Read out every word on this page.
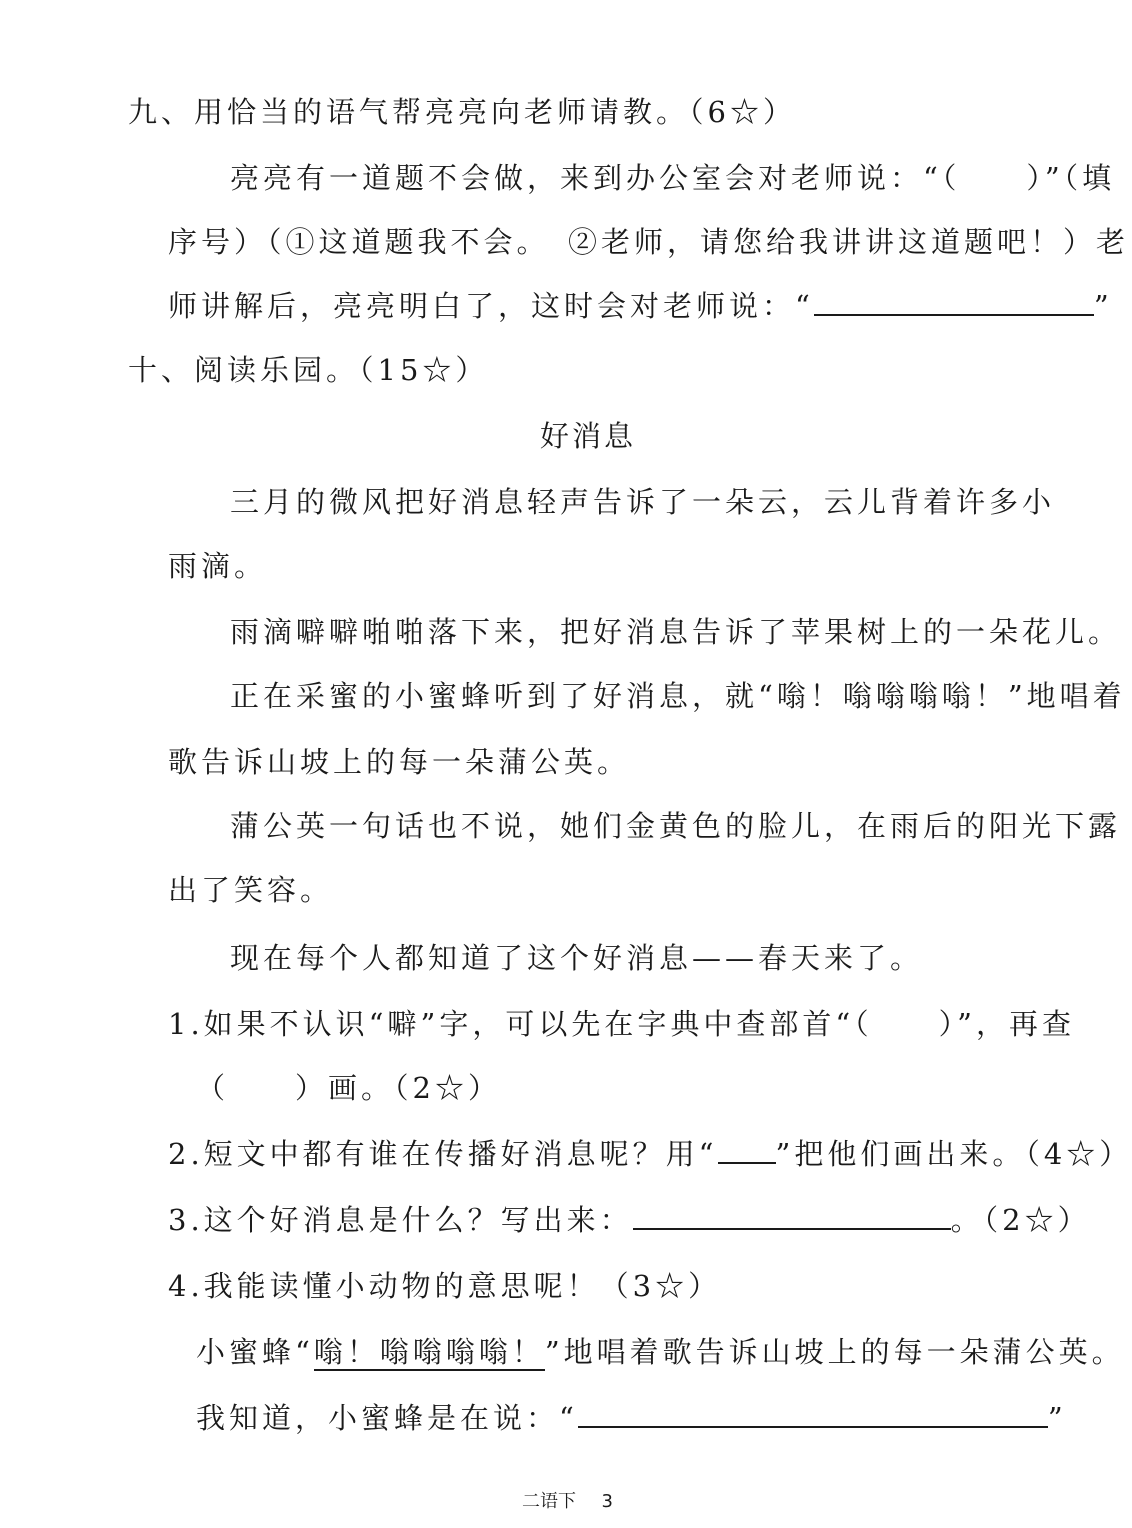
九、用恰当的语气帮亮亮向老师请教。（6☆）
亮亮有一道题不会做，来到办公室会对老师说：“（　　）”（填
序号）（①这道题我不会。　②老师，请您给我讲讲这道题吧！）老
师讲解后，亮亮明白了，这时会对老师说：“	”
十、阅读乐园。（15☆）
好消息
三月的微风把好消息轻声告诉了一朵云，云儿背着许多小
雨滴。
雨滴噼噼啪啪落下来，把好消息告诉了苹果树上的一朵花儿。
正在采蜜的小蜜蜂听到了好消息，就“嗡！嗡嗡嗡嗡！”地唱着
歌告诉山坡上的每一朵蒲公英。
蒲公英一句话也不说，她们金黄色的脸儿，在雨后的阳光下露
出了笑容。
现在每个人都知道了这个好消息——春天来了。
1.如果不认识“噼”字，可以先在字典中查部首“（　　）”，再查
（　　）画。（2☆）
2.短文中都有谁在传播好消息呢？用“ ”把他们画出来。（4☆）
3.这个好消息是什么？写出来：	。（2☆）
4.我能读懂小动物的意思呢！（3☆）
小蜜蜂“嗡！嗡嗡嗡嗡！”地唱着歌告诉山坡上的每一朵蒲公英。
我知道，小蜜蜂是在说：“	”
二语下 3
